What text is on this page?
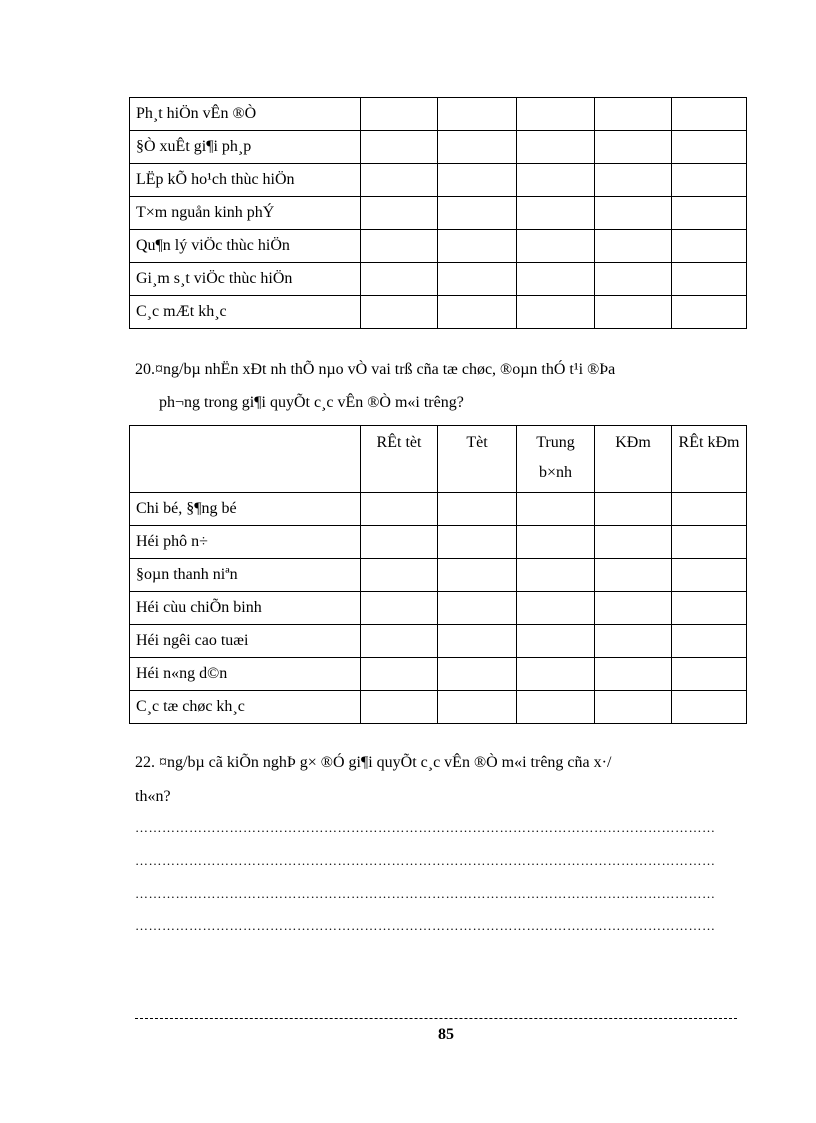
Ph¸t hiÖn vÊn ®Ò					
§Ò xuÊt gi¶i ph¸p					
LËp kÕ ho¹ch thùc hiÖn					
T×m nguån kinh phÝ					
Qu¶n lý viÖc thùc hiÖn					
Gi¸m s¸t viÖc thùc hiÖn					
C¸c mÆt kh¸c					
20.¤ng/bµ nhËn xÐt nh thÕ nµo vÒ vai trß cña tæ chøc, ®oµn thÓ t¹i ®Þa
ph¬ng trong gi¶i quyÕt c¸c vÊn ®Ò m«i trêng?
	RÊt tèt	Tèt	Trung b×nh	KÐm	RÊt kÐm
Chi bé, §¶ng bé					
Héi phô n÷					
§oµn thanh niªn					
Héi cùu chiÕn binh					
Héi ngêi cao tuæi					
Héi n«ng d©n					
C¸c tæ chøc kh¸c					
22. ¤ng/bµ cã kiÕn nghÞ g× ®Ó gi¶i quyÕt c¸c vÊn ®Ò m«i trêng cña x·/
th«n?
…………………………………………………………………………………………………………………
…………………………………………………………………………………………………………………
…………………………………………………………………………………………………………………
…………………………………………………………………………………………………………………
85
